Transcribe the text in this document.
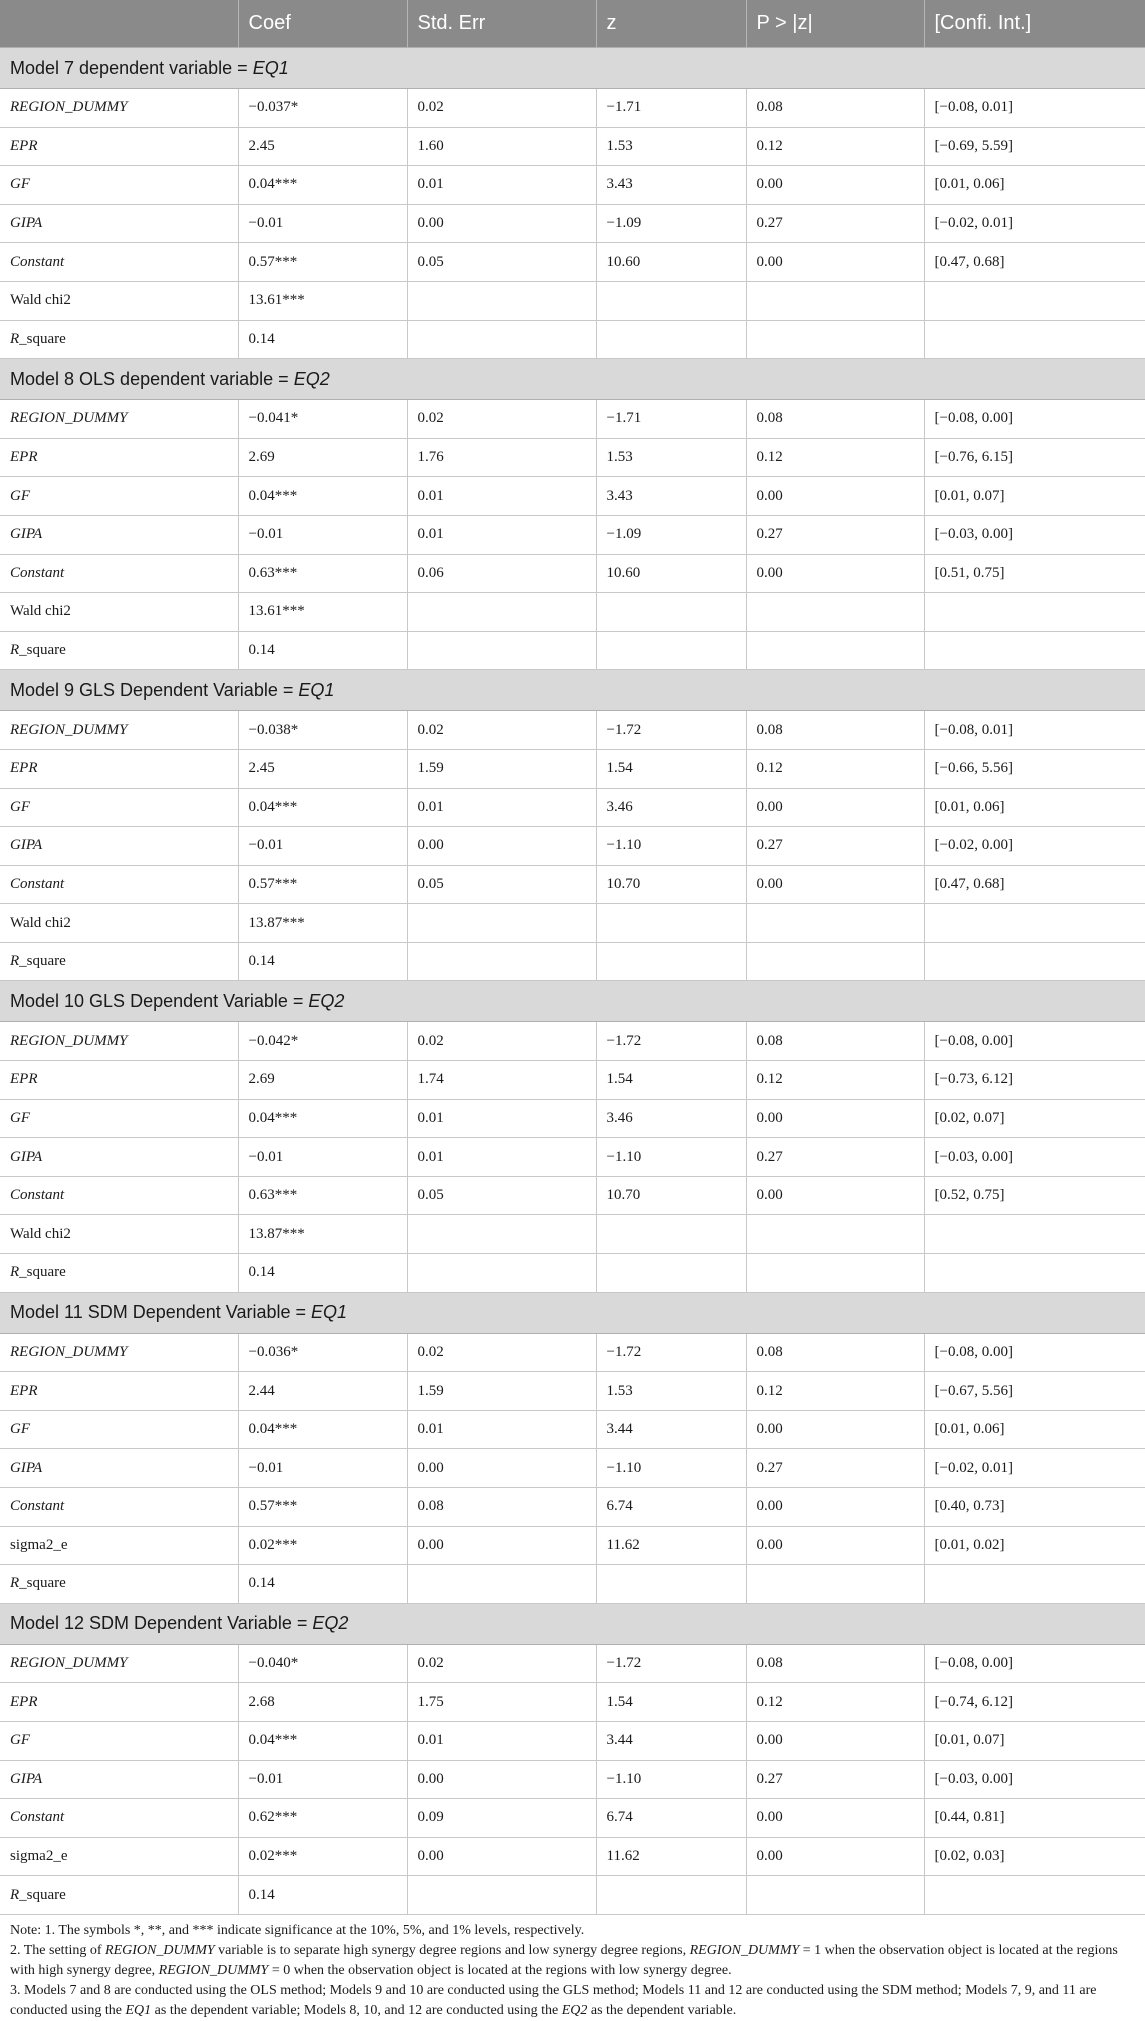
	Coef	Std. Err	z	P > |z|	[Confi. Int.]
Model 7 dependent variable = EQ1					
REGION_DUMMY	−0.037*	0.02	−1.71	0.08	[−0.08, 0.01]
EPR	2.45	1.60	1.53	0.12	[−0.69, 5.59]
GF	0.04***	0.01	3.43	0.00	[0.01, 0.06]
GIPA	−0.01	0.00	−1.09	0.27	[−0.02, 0.01]
Constant	0.57***	0.05	10.60	0.00	[0.47, 0.68]
Wald chi2	13.61***				
R_square	0.14				
Model 8 OLS dependent variable = EQ2					
REGION_DUMMY	−0.041*	0.02	−1.71	0.08	[−0.08, 0.00]
EPR	2.69	1.76	1.53	0.12	[−0.76, 6.15]
GF	0.04***	0.01	3.43	0.00	[0.01, 0.07]
GIPA	−0.01	0.01	−1.09	0.27	[−0.03, 0.00]
Constant	0.63***	0.06	10.60	0.00	[0.51, 0.75]
Wald chi2	13.61***				
R_square	0.14				
Model 9 GLS Dependent Variable = EQ1					
REGION_DUMMY	−0.038*	0.02	−1.72	0.08	[−0.08, 0.01]
EPR	2.45	1.59	1.54	0.12	[−0.66, 5.56]
GF	0.04***	0.01	3.46	0.00	[0.01, 0.06]
GIPA	−0.01	0.00	−1.10	0.27	[−0.02, 0.00]
Constant	0.57***	0.05	10.70	0.00	[0.47, 0.68]
Wald chi2	13.87***				
R_square	0.14				
Model 10 GLS Dependent Variable = EQ2					
REGION_DUMMY	−0.042*	0.02	−1.72	0.08	[−0.08, 0.00]
EPR	2.69	1.74	1.54	0.12	[−0.73, 6.12]
GF	0.04***	0.01	3.46	0.00	[0.02, 0.07]
GIPA	−0.01	0.01	−1.10	0.27	[−0.03, 0.00]
Constant	0.63***	0.05	10.70	0.00	[0.52, 0.75]
Wald chi2	13.87***				
R_square	0.14				
Model 11 SDM Dependent Variable = EQ1					
REGION_DUMMY	−0.036*	0.02	−1.72	0.08	[−0.08, 0.00]
EPR	2.44	1.59	1.53	0.12	[−0.67, 5.56]
GF	0.04***	0.01	3.44	0.00	[0.01, 0.06]
GIPA	−0.01	0.00	−1.10	0.27	[−0.02, 0.01]
Constant	0.57***	0.08	6.74	0.00	[0.40, 0.73]
sigma2_e	0.02***	0.00	11.62	0.00	[0.01, 0.02]
R_square	0.14				
Model 12 SDM Dependent Variable = EQ2					
REGION_DUMMY	−0.040*	0.02	−1.72	0.08	[−0.08, 0.00]
EPR	2.68	1.75	1.54	0.12	[−0.74, 6.12]
GF	0.04***	0.01	3.44	0.00	[0.01, 0.07]
GIPA	−0.01	0.00	−1.10	0.27	[−0.03, 0.00]
Constant	0.62***	0.09	6.74	0.00	[0.44, 0.81]
sigma2_e	0.02***	0.00	11.62	0.00	[0.02, 0.03]
R_square	0.14				

Note: 1. The symbols *, **, and *** indicate significance at the 10%, 5%, and 1% levels, respectively.

2. The setting of REGION_DUMMY variable is to separate high synergy degree regions and low synergy degree regions, REGION_DUMMY = 1 when the observation object is located at the regions with high synergy degree, REGION_DUMMY = 0 when the observation object is located at the regions with low synergy degree.

3. Models 7 and 8 are conducted using the OLS method; Models 9 and 10 are conducted using the GLS method; Models 11 and 12 are conducted using the SDM method; Models 7, 9, and 11 are conducted using the EQ1 as the dependent variable; Models 8, 10, and 12 are conducted using the EQ2 as the dependent variable.
